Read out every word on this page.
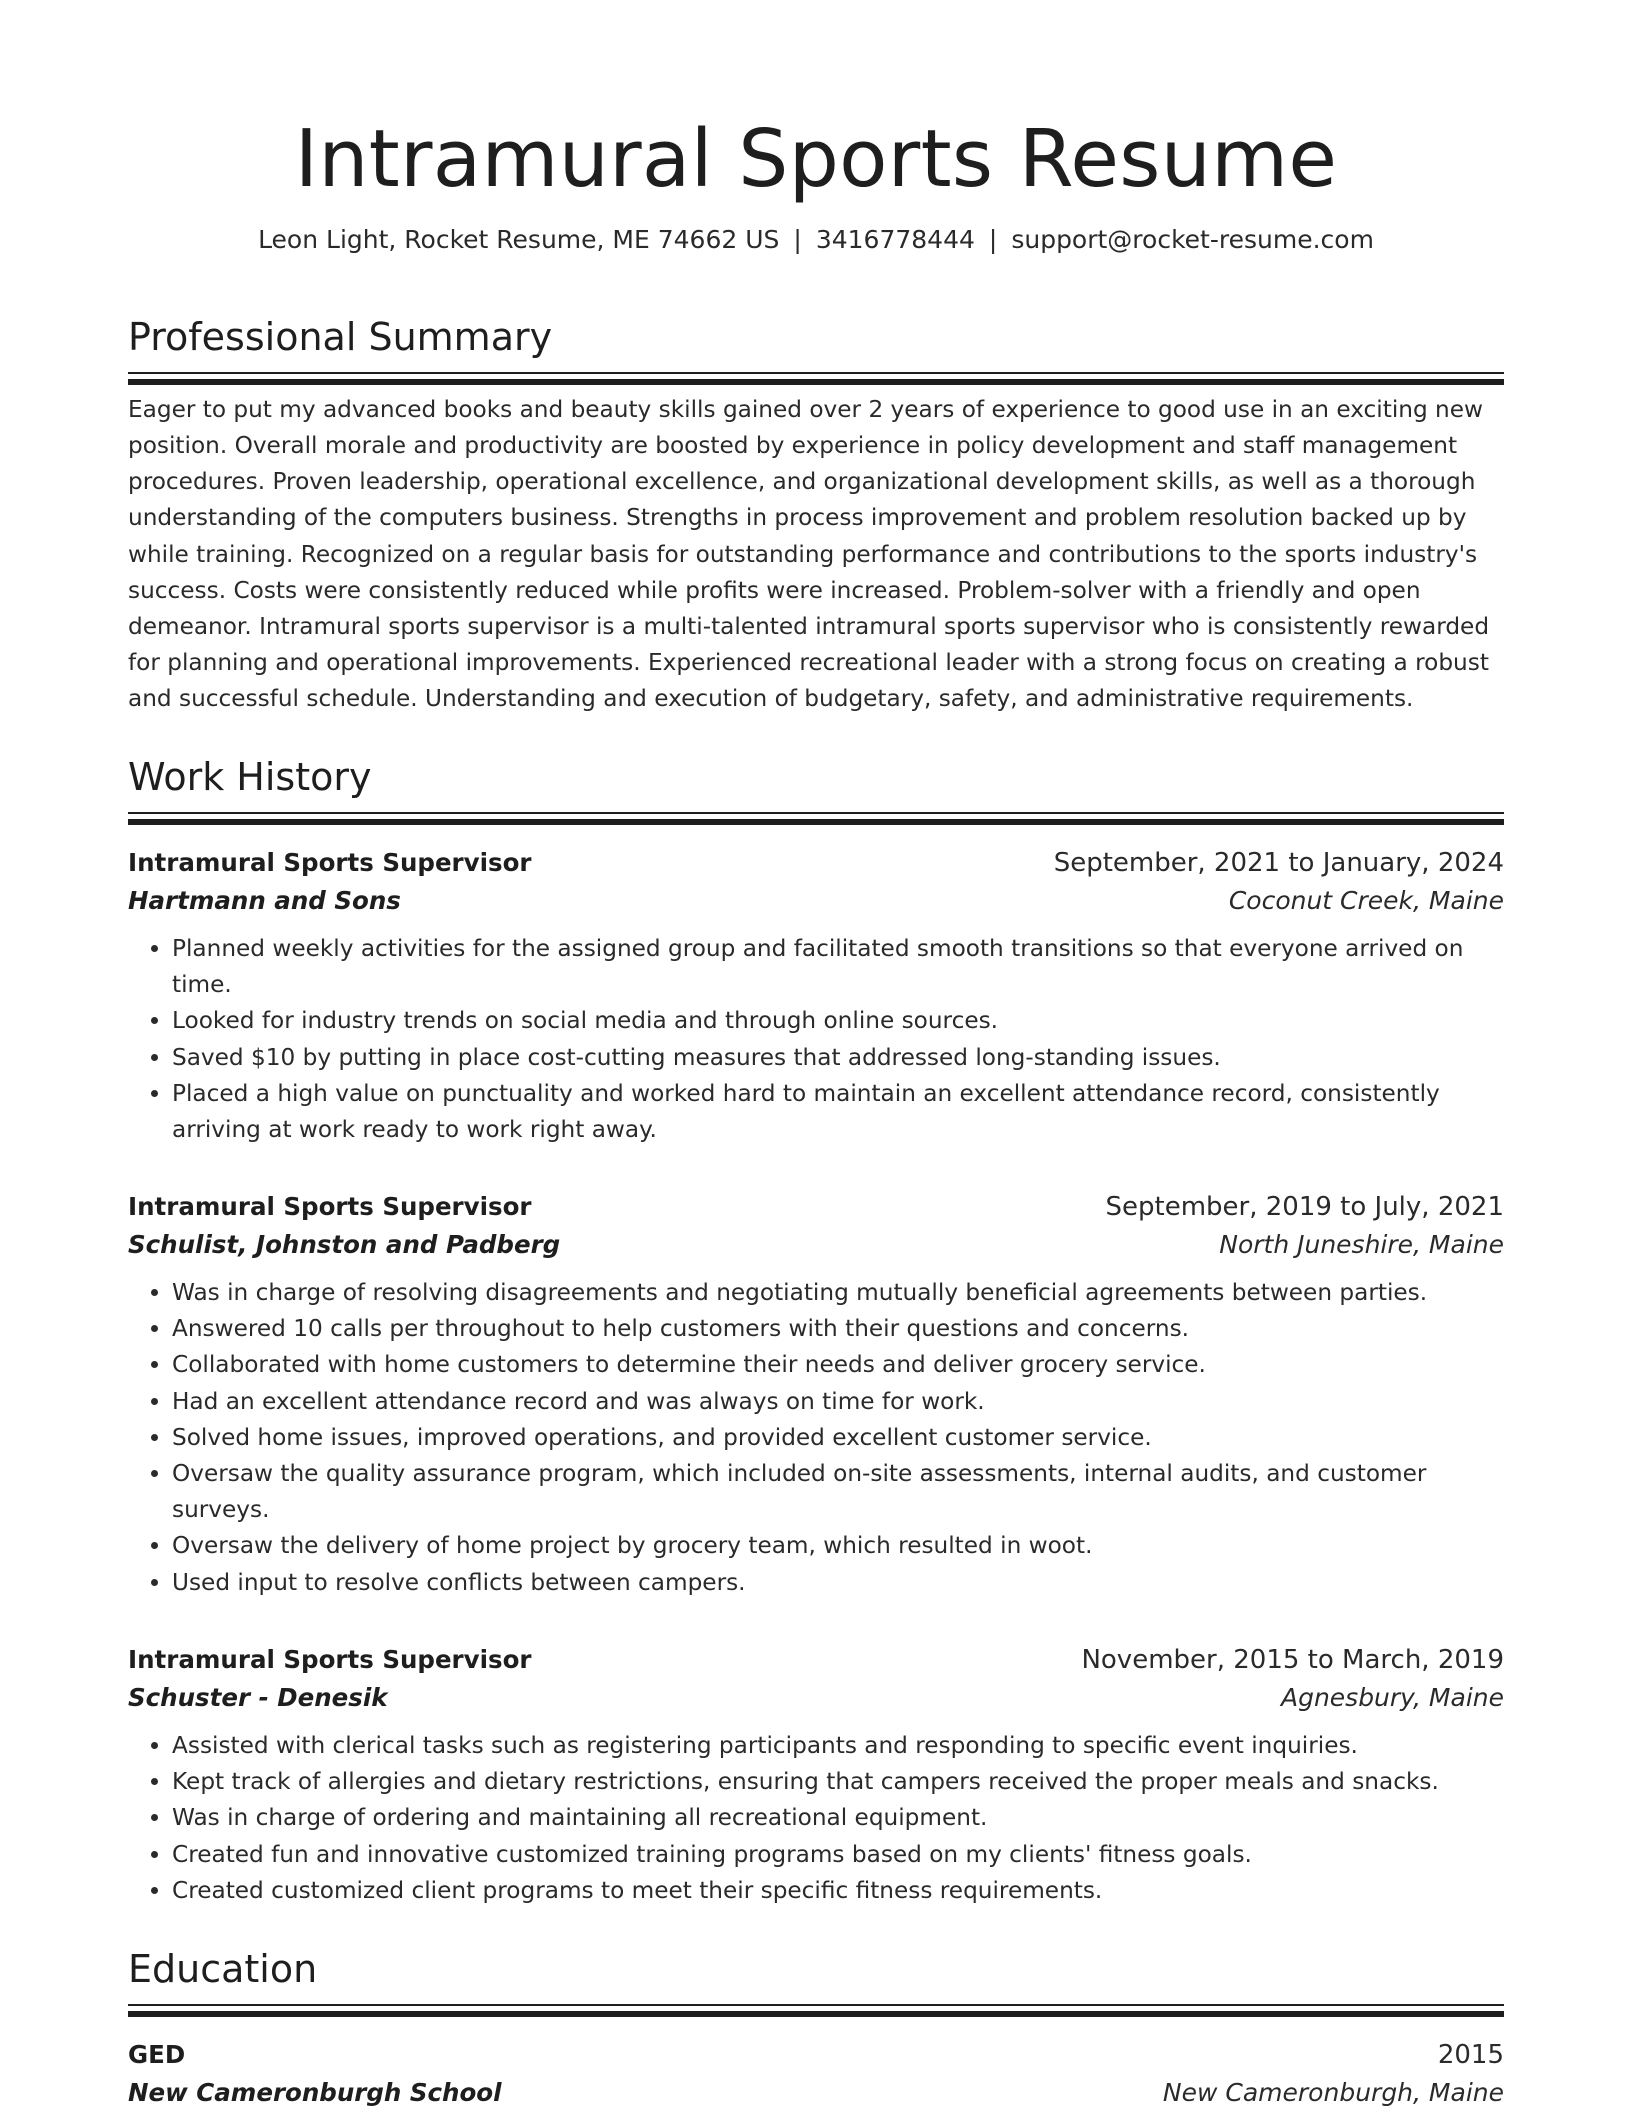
Intramural Sports Resume
Leon Light, Rocket Resume, ME 74662 US | 3416778444 | support@rocket-resume.com
Professional Summary

Eager to put my advanced books and beauty skills gained over 2 years of experience to good use in an exciting new position. Overall morale and productivity are boosted by experience in policy development and staff management procedures. Proven leadership, operational excellence, and organizational development skills, as well as a thorough understanding of the computers business. Strengths in process improvement and problem resolution backed up by while training. Recognized on a regular basis for outstanding performance and contributions to the sports industry's success. Costs were consistently reduced while profits were increased. Problem-solver with a friendly and open demeanor. Intramural sports supervisor is a multi-talented intramural sports supervisor who is consistently rewarded for planning and operational improvements. Experienced recreational leader with a strong focus on creating a robust and successful schedule. Understanding and execution of budgetary, safety, and administrative requirements.

Work History
Intramural Sports Supervisor	September, 2021 to January, 2024
Hartmann and Sons	Coconut Creek, Maine
• Planned weekly activities for the assigned group and facilitated smooth transitions so that everyone arrived on time.
• Looked for industry trends on social media and through online sources.
• Saved $10 by putting in place cost-cutting measures that addressed long-standing issues.
• Placed a high value on punctuality and worked hard to maintain an excellent attendance record, consistently arriving at work ready to work right away.
Intramural Sports Supervisor	September, 2019 to July, 2021
Schulist, Johnston and Padberg	North Juneshire, Maine
• Was in charge of resolving disagreements and negotiating mutually beneficial agreements between parties.
• Answered 10 calls per throughout to help customers with their questions and concerns.
• Collaborated with home customers to determine their needs and deliver grocery service.
• Had an excellent attendance record and was always on time for work.
• Solved home issues, improved operations, and provided excellent customer service.
• Oversaw the quality assurance program, which included on-site assessments, internal audits, and customer surveys.
• Oversaw the delivery of home project by grocery team, which resulted in woot.
• Used input to resolve conflicts between campers.
Intramural Sports Supervisor	November, 2015 to March, 2019
Schuster - Denesik	Agnesbury, Maine
• Assisted with clerical tasks such as registering participants and responding to specific event inquiries.
• Kept track of allergies and dietary restrictions, ensuring that campers received the proper meals and snacks.
• Was in charge of ordering and maintaining all recreational equipment.
• Created fun and innovative customized training programs based on my clients' fitness goals.
• Created customized client programs to meet their specific fitness requirements.
Education
GED	2015
New Cameronburgh School	New Cameronburgh, Maine
